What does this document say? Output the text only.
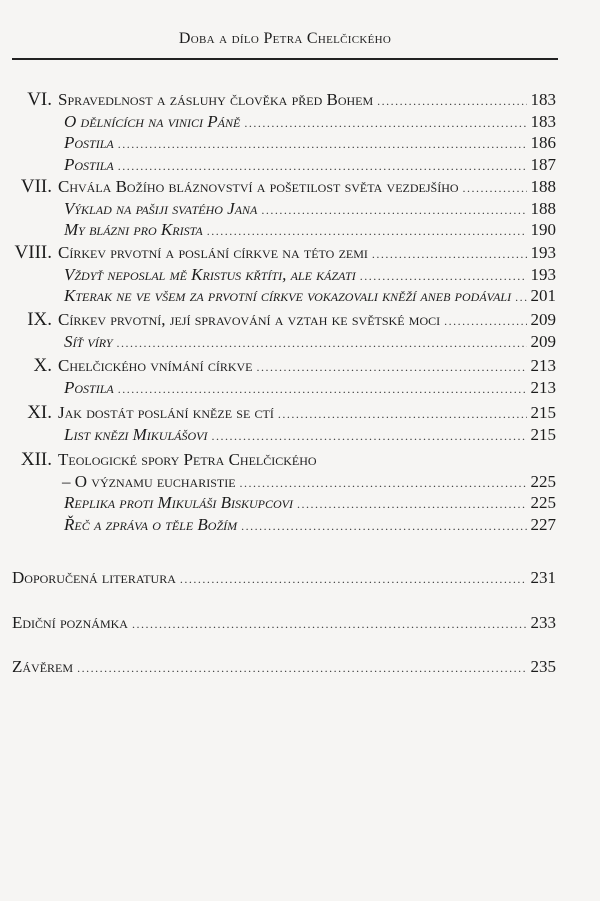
Doba a dílo Petra Chelčického
VI. Spravedlnost a zásluhy člověka před Bohem .....	183
O dělnících na vinici Páně .....	183
Postila .....	186
Postila .....	187
VII. Chvála Božího bláznovství a pošetilost světa vezdejšího .....	188
Výklad na pašiji svatého Jana .....	188
My blázni pro Krista .....	190
VIII. Církev prvotní a poslání církve na této zemi .....	193
Vždyť neposlal mě Kristus křtíti, ale kázati .....	193
Kterak ne ve všem za prvotní církve vokazovali kněží aneb podávali ..... 201
IX. Církev prvotní, její spravování a vztah ke světské moci .....	209
Síť víry .....	209
X. Chelčického vnímání církve .....	213
Postila .....	213
XI. Jak dostát poslání kněze se ctí .....	215
List knězi Mikulášovi .....	215
XII. Teologické spory Petra Chelčického
– O významu eucharistie .....	225
Replika proti Mikuláši Biskupcovi .....	225
Řeč a zpráva o těle Božím .....	227
Doporučená literatura .....	231
Ediční poznámka .....	233
Závěrem .....	235
